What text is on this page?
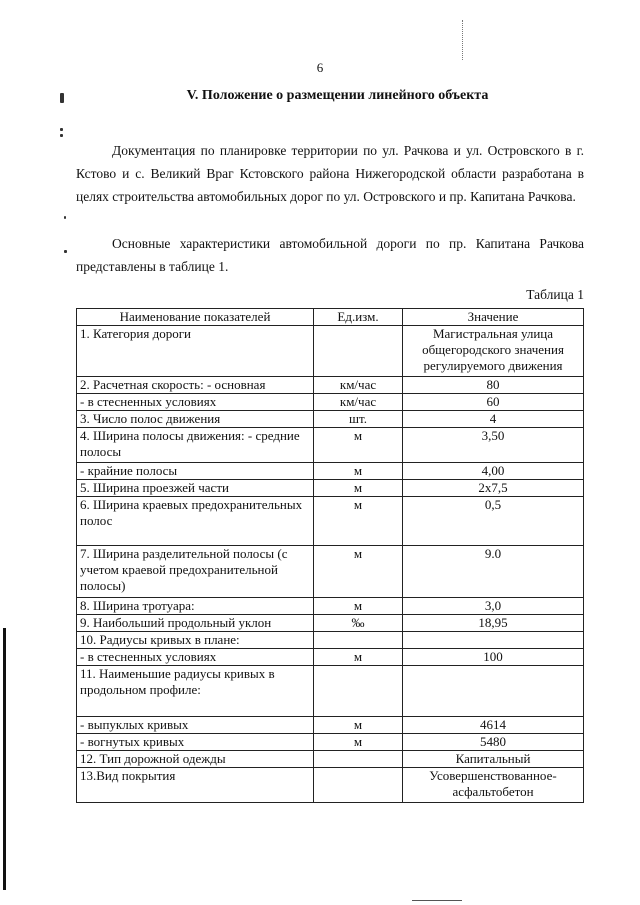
6
V. Положение о размещении линейного объекта
Документация по планировке территории по ул. Рачкова и ул. Островского в г. Кстово и с. Великий Враг Кстовского района Нижегородской области разработана в целях строительства автомобильных дорог по ул. Островского и пр. Капитана Рачкова.
Основные характеристики автомобильной дороги по пр. Капитана Рачкова представлены в таблице 1.
Таблица 1
Наименование показателей	Ед.изм.	Значение
1. Категория дороги		Магистральная улица общегородского значения регулируемого движения
2. Расчетная скорость: - основная	км/час	80
- в стесненных условиях	км/час	60
3. Число полос движения	шт.	4
4. Ширина полосы движения: - средние полосы	м	3,50
- крайние полосы	м	4,00
5. Ширина проезжей части	м	2x7,5
6. Ширина краевых предохранительных полос	м	0,5
7. Ширина разделительной полосы (с учетом краевой предохранительной полосы)	м	9.0
8. Ширина тротуара:	м	3,0
9. Наибольший продольный уклон	‰	18,95
10. Радиусы кривых в плане:		
- в стесненных условиях	м	100
11. Наименьшие радиусы кривых в продольном профиле:		
- выпуклых кривых	м	4614
- вогнутых кривых	м	5480
12. Тип дорожной одежды		Капитальный
13.Вид покрытия		Усовершенствованное-асфальтобетон
